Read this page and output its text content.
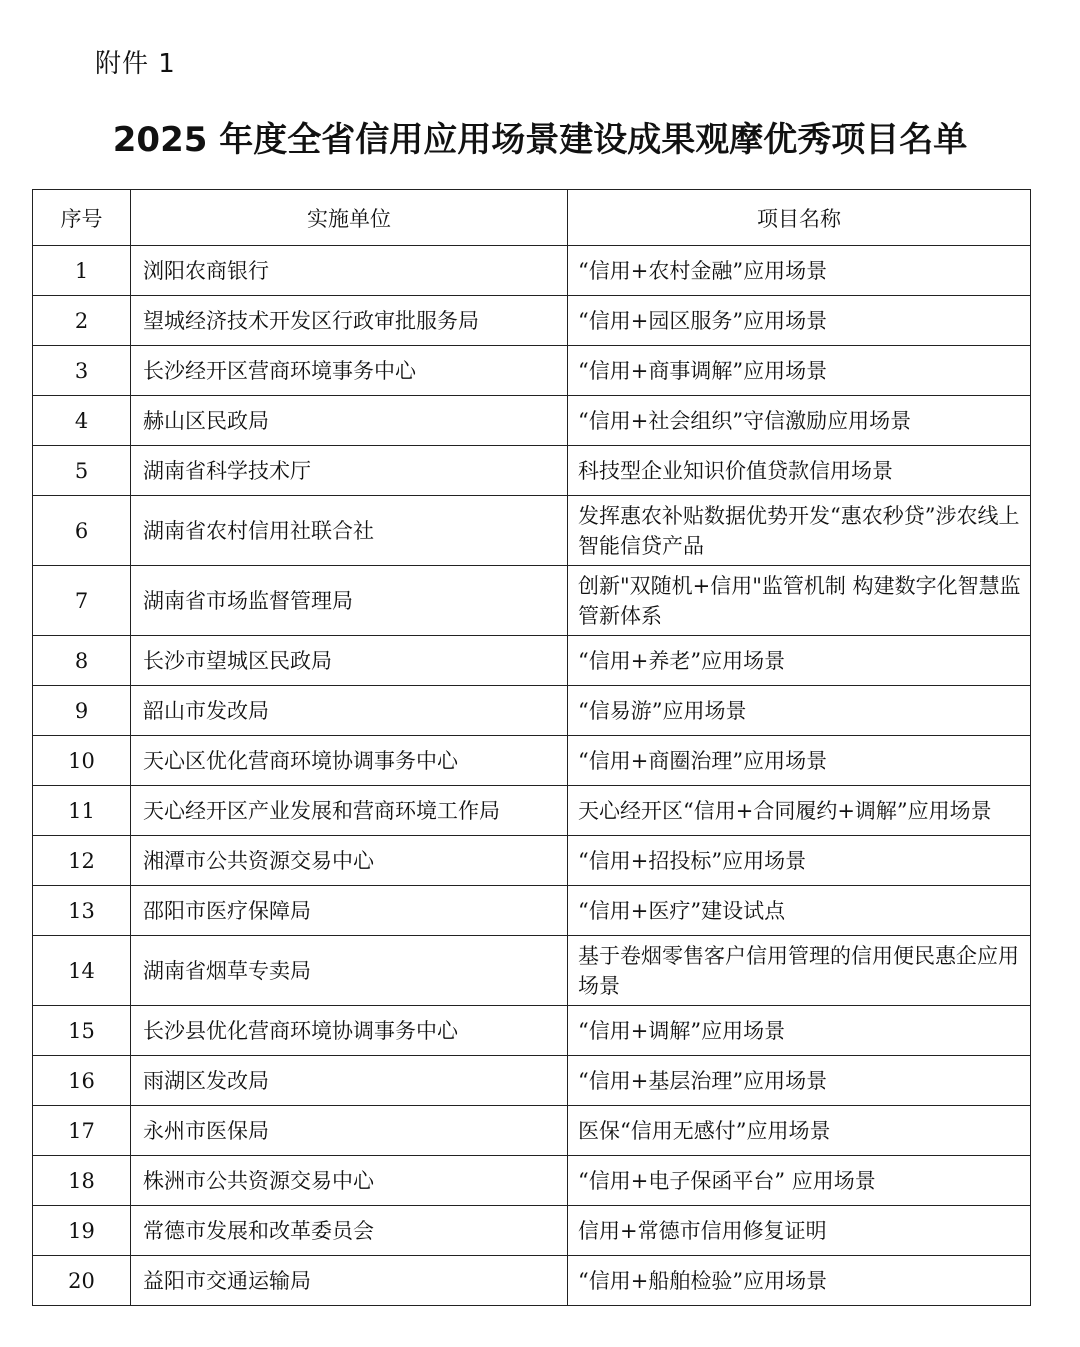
附件 1
2025 年度全省信用应用场景建设成果观摩优秀项目名单
序号	实施单位	项目名称
1	浏阳农商银行	“信用+农村金融”应用场景
2	望城经济技术开发区行政审批服务局	“信用+园区服务”应用场景
3	长沙经开区营商环境事务中心	“信用+商事调解”应用场景
4	赫山区民政局	“信用+社会组织”守信激励应用场景
5	湖南省科学技术厅	科技型企业知识价值贷款信用场景
6	湖南省农村信用社联合社	发挥惠农补贴数据优势开发“惠农秒贷”涉农线上智能信贷产品
7	湖南省市场监督管理局	创新"双随机+信用"监管机制 构建数字化智慧监管新体系
8	长沙市望城区民政局	“信用+养老”应用场景
9	韶山市发改局	“信易游”应用场景
10	天心区优化营商环境协调事务中心	“信用+商圈治理”应用场景
11	天心经开区产业发展和营商环境工作局	天心经开区“信用+合同履约+调解”应用场景
12	湘潭市公共资源交易中心	“信用+招投标”应用场景
13	邵阳市医疗保障局	“信用+医疗”建设试点
14	湖南省烟草专卖局	基于卷烟零售客户信用管理的信用便民惠企应用场景
15	长沙县优化营商环境协调事务中心	“信用+调解”应用场景
16	雨湖区发改局	“信用+基层治理”应用场景
17	永州市医保局	医保“信用无感付”应用场景
18	株洲市公共资源交易中心	“信用+电子保函平台” 应用场景
19	常德市发展和改革委员会	信用+常德市信用修复证明
20	益阳市交通运输局	“信用+船舶检验”应用场景
